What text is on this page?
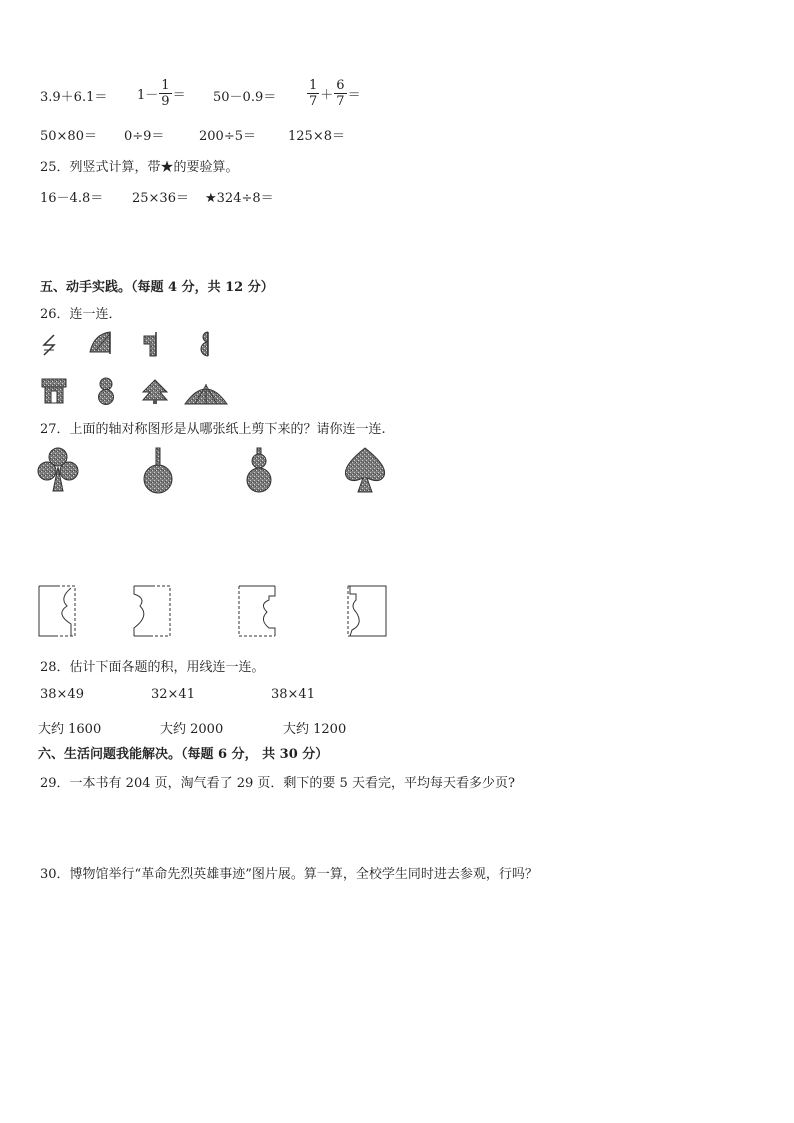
$3.9+6.1= 1- \frac{1}{9} = 50-0.9= \frac{1}{7} + \frac{6}{7}$ ＝
50×80＝ 0÷9＝	200÷5＝ 125×8＝
25．列竖式计算，带★的要验算。
16－4.8＝ 25×36＝ ★324÷8＝
五、动手实践。（每题 4 分，共 12 分）
26．连一连．
27．上面的轴对称图形是从哪张纸上剪下来的？请你连一连.
28．估计下面各题的积，用线连一连。
38×49	32×41	38×41
大约 1600	大约 2000	大约 1200
六、生活问题我能解决。（每题 6 分， 共 30 分）
29．一本书有 204 页，淘气看了 29 页．剩下的要 5 天看完，平均每天看多少页?
30．博物馆举行“革命先烈英雄事迹”图片展。算一算，全校学生同时进去参观，行吗？
